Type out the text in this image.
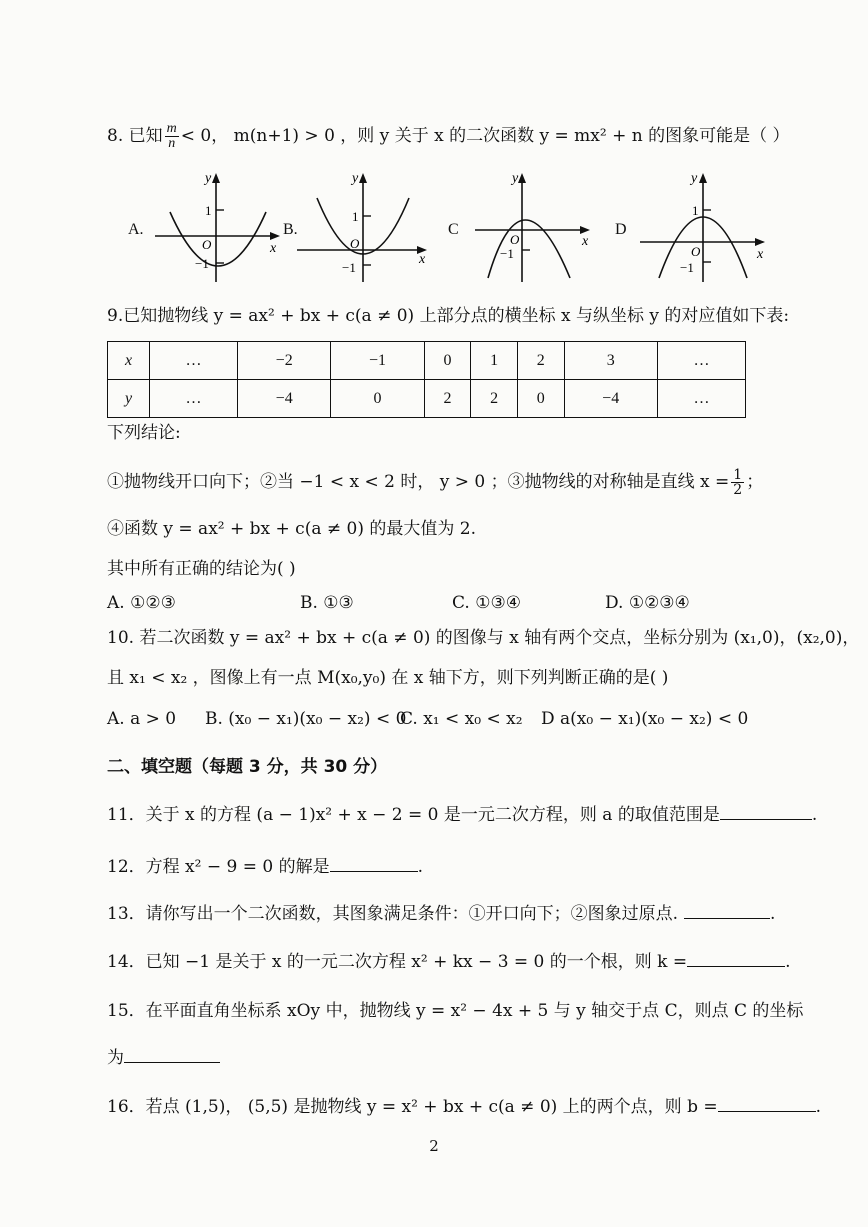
8. 已知 $\frac{m}{n} < 0$， m(n+1) > 0 ，则 y 关于 x 的二次函数 y = mx² + n 的图象可能是（ ）
A.
y
x
O
1
−1
B.
y
x
O
1
−1
C
y
x
O
−1
D
y
x
O
1
−1
9.已知抛物线 y = ax² + bx + c(a ≠ 0) 上部分点的横坐标 x 与纵坐标 y 的对应值如下表:
x	…	−2	−1	0	1	2	3	…
y	…	−4	0	2	2	0	−4	…
下列结论:
①抛物线开口向下；②当 −1 < x < 2 时， y > 0 ；③抛物线的对称轴是直线 $x = \frac{1}{2}$ ；
④函数 y = ax² + bx + c(a ≠ 0) 的最大值为 2.
其中所有正确的结论为( )
A. ①②③	B. ①③	C. ①③④	D. ①②③④
10. 若二次函数 y = ax² + bx + c(a ≠ 0) 的图像与 x 轴有两个交点，坐标分别为 (x₁,0)，(x₂,0)，
且 x₁ < x₂ ，图像上有一点 M(x₀,y₀) 在 x 轴下方，则下列判断正确的是( )
A. a > 0 B. (x₀ − x₁)(x₀ − x₂) < 0
C. x₁ < x₀ < x₂ D a(x₀ − x₁)(x₀ − x₂) < 0
二、填空题（每题 3 分，共 30 分）
11．关于 x 的方程 (a − 1)x² + x − 2 = 0 是一元二次方程，则 a 的取值范围是	.
12．方程 x² − 9 = 0 的解是	.
13．请你写出一个二次函数，其图象满足条件：①开口向下；②图象过原点.	.
14．已知 −1 是关于 x 的一元二次方程 x² + kx − 3 = 0 的一个根，则 k =	.
15．在平面直角坐标系 xOy 中，抛物线 y = x² − 4x + 5 与 y 轴交于点 C，则点 C 的坐标
为
16．若点 (1,5)， (5,5) 是抛物线 y = x² + bx + c(a ≠ 0) 上的两个点，则 b =	.
2
